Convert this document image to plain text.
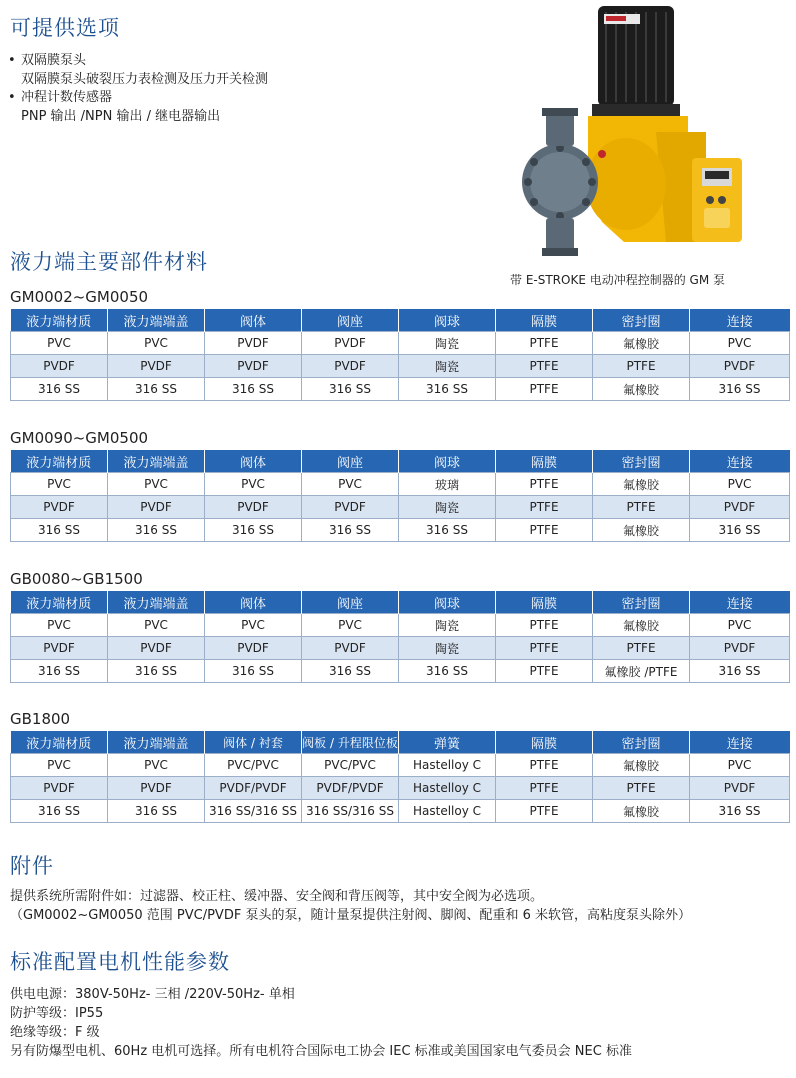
可提供选项
• 双隔膜泵头
双隔膜泵头破裂压力表检测及压力开关检测
• 冲程计数传感器
PNP 输出 /NPN 输出 / 继电器输出
带 E-STROKE 电动冲程控制器的 GM 泵
液力端主要部件材料
GM0002~GM0050
液力端材质	液力端端盖	阀体	阀座	阀球	隔膜	密封圈	连接
PVC	PVC	PVDF	PVDF	陶瓷	PTFE	氟橡胶	PVC
PVDF	PVDF	PVDF	PVDF	陶瓷	PTFE	PTFE	PVDF
316 SS	316 SS	316 SS	316 SS	316 SS	PTFE	氟橡胶	316 SS
GM0090~GM0500
液力端材质	液力端端盖	阀体	阀座	阀球	隔膜	密封圈	连接
PVC	PVC	PVC	PVC	玻璃	PTFE	氟橡胶	PVC
PVDF	PVDF	PVDF	PVDF	陶瓷	PTFE	PTFE	PVDF
316 SS	316 SS	316 SS	316 SS	316 SS	PTFE	氟橡胶	316 SS
GB0080~GB1500
液力端材质	液力端端盖	阀体	阀座	阀球	隔膜	密封圈	连接
PVC	PVC	PVC	PVC	陶瓷	PTFE	氟橡胶	PVC
PVDF	PVDF	PVDF	PVDF	陶瓷	PTFE	PTFE	PVDF
316 SS	316 SS	316 SS	316 SS	316 SS	PTFE	氟橡胶 /PTFE	316 SS
GB1800
液力端材质	液力端端盖	阀体 / 衬套	阀板 / 升程限位板	弹簧	隔膜	密封圈	连接
PVC	PVC	PVC/PVC	PVC/PVC	Hastelloy C	PTFE	氟橡胶	PVC
PVDF	PVDF	PVDF/PVDF	PVDF/PVDF	Hastelloy C	PTFE	PTFE	PVDF
316 SS	316 SS	316 SS/316 SS	316 SS/316 SS	Hastelloy C	PTFE	氟橡胶	316 SS
附件
提供系统所需附件如：过滤器、校正柱、缓冲器、安全阀和背压阀等，其中安全阀为必选项。
（GM0002~GM0050 范围 PVC/PVDF 泵头的泵，随计量泵提供注射阀、脚阀、配重和 6 米软管，高粘度泵头除外）
标准配置电机性能参数
供电电源：380V-50Hz- 三相 /220V-50Hz- 单相
防护等级：IP55
绝缘等级：F 级
另有防爆型电机、60Hz 电机可选择。所有电机符合国际电工协会 IEC 标准或美国国家电气委员会 NEC 标准
